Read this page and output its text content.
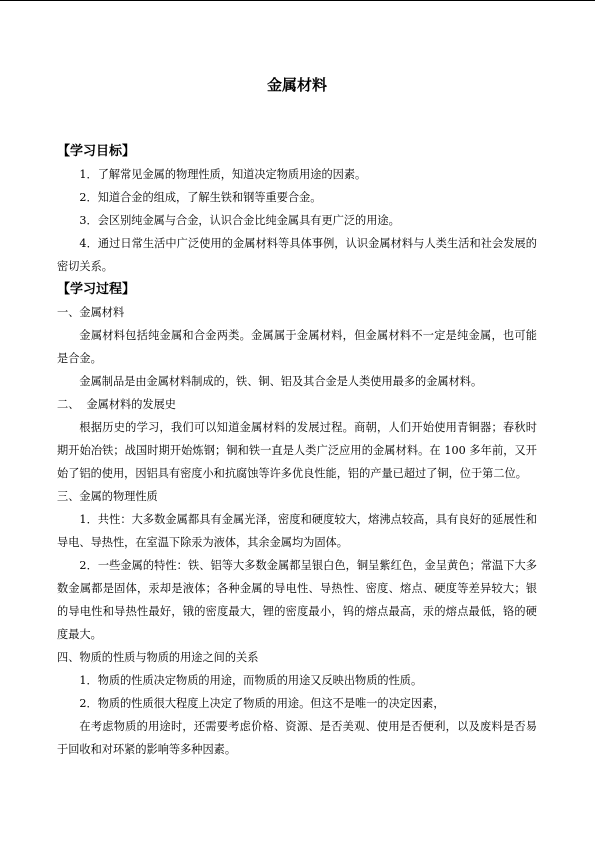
金属材料
【学习目标】

1．了解常见金属的物理性质，知道决定物质用途的因素。

2．知道合金的组成，了解生铁和钢等重要合金。

3．会区别纯金属与合金，认识合金比纯金属具有更广泛的用途。

4．通过日常生活中广泛使用的金属材料等具体事例，认识金属材料与人类生活和社会发展的密切关系。

【学习过程】

一、金属材料

金属材料包括纯金属和合金两类。金属属于金属材料，但金属材料不一定是纯金属，也可能是合金。

金属制品是由金属材料制成的，铁、铜、铝及其合金是人类使用最多的金属材料。

二、  金属材料的发展史

根据历史的学习，我们可以知道金属材料的发展过程。商朝，人们开始使用青铜器；春秋时期开始冶铁；战国时期开始炼钢；铜和铁一直是人类广泛应用的金属材料。在 100 多年前，又开始了铝的使用，因铝具有密度小和抗腐蚀等许多优良性能，铝的产量已超过了铜，位于第二位。

三、金属的物理性质

1．共性：大多数金属都具有金属光泽，密度和硬度较大，熔沸点较高，具有良好的延展性和导电、导热性，在室温下除汞为液体，其余金属均为固体。

2．一些金属的特性：铁、铝等大多数金属都呈银白色，铜呈紫红色，金呈黄色；常温下大多数金属都是固体，汞却是液体；各种金属的导电性、导热性、密度、熔点、硬度等差异较大；银的导电性和导热性最好，锇的密度最大，锂的密度最小，钨的熔点最高，汞的熔点最低，铬的硬度最大。

四、物质的性质与物质的用途之间的关系

1．物质的性质决定物质的用途，而物质的用途又反映出物质的性质。

2．物质的性质很大程度上决定了物质的用途。但这不是唯一的决定因素，

在考虑物质的用途时，还需要考虑价格、资源、是否美观、使用是否便利，以及废料是否易于回收和对环紧的影响等多种因素。
